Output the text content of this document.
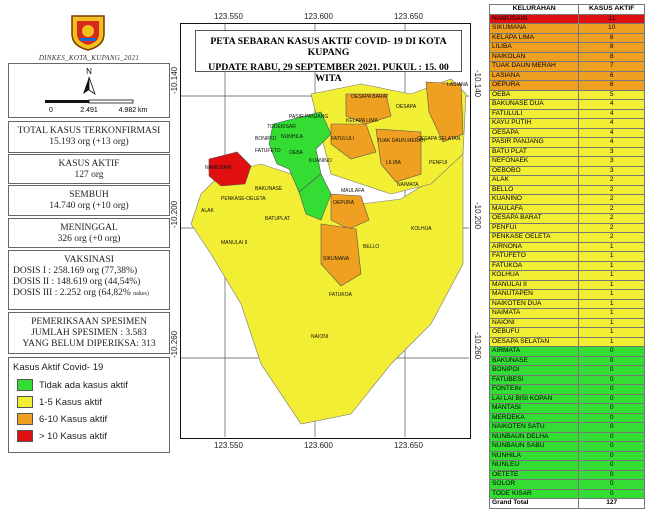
DINKES_KOTA_KUPANG_2021
N
0	2.491	4.982 km
TOTAL KASUS TERKONFIRMASI
15.193 org (+13 org)
KASUS AKTIF
127 org
SEMBUH
14.740 org (+10 org)
MENINGGAL
326 org (+0 org)
VAKSINASI
DOSIS I : 258.169 org (77,38%)
DOSIS II : 148.619 org (44,54%)
DOSIS III : 2.252 org (64,82% nakes)
PEMERIKSAAN SPESIMEN
JUMLAH SPESIMEN : 3.583
YANG BELUM DIPERIKSA: 313
Kasus Aktif Covid- 19
Tidak ada kasus aktif
1-5 Kasus aktif
6-10 Kasus aktif
> 10 Kasus aktif
123.550	123.600	123.650
123.550	123.600	123.650
-10.140
-10.200
-10.260
-10.140
-10.200
-10.260
LASIANA
OESAPA BARAT
OESAPA
KELAPA LIMA
OESAPA SELATAN
PASIR PANJANG
TODEKISAR
NUNHILA
BONIPOI
FATUFETO OEBA
FATULULI	TUAK DAUN MERAH
LILIBA	PENFUI
NAMOSAIN
BAKUNASE
KUANINO
NAIMATA
MAULAFA
OEPURA
PENKASE-OELETA
ALAK
BATUPLAT
MANULAI II
SIKUMANA
BELLO
KOLHUA
FATUKOA
NAIONI
PETA SEBARAN KASUS AKTIF COVID- 19 DI KOTA KUPANG
UPDATE RABU, 29 SEPTEMBER 2021. PUKUL : 15. 00 WITA
KELURAHAN	KASUS AKTIF
NAMOSAIN	11
SIKUMANA	10
KELAPA LIMA	8
LILIBA	8
NAIKOLAN	8
TUAK DAUN MERAH	7
LASIANA	6
OEPURA	6
OEBA	5
BAKUNASE DUA	4
FATULULI	4
KAYU PUTIH	4
OESAPA	4
PASIR PANJANG	4
BATU PLAT	3
NEFONAEK	3
OEBOBO	3
ALAK	2
BELLO	2
KUANINO	2
MAULAFA	2
OESAPA BARAT	2
PENFUI	2
PENKASE OELETA	2
AIRNONA	1
FATUFETO	1
FATUKOA	1
KOLHUA	1
MANULAI II	1
MANUTAPEN	1
NAIKOTEN DUA	1
NAIMATA	1
NAIONI	1
OEBUFU	1
OESAPA SELATAN	1
AIRMATA	0
BAKUNASE	0
BONIPOI	0
FATUBESI	0
FONTEIN	0
LAI LAI BISI KOPAN	0
MANTASI	0
MERDEKA	0
NAIKOTEN SATU	0
NUNBAUN DELHA	0
NUNBAUN SABU	0
NUNHILA	0
NUNLEU	0
OETETE	0
SOLOR	0
TODE KISAR	0
Grand Total	127
